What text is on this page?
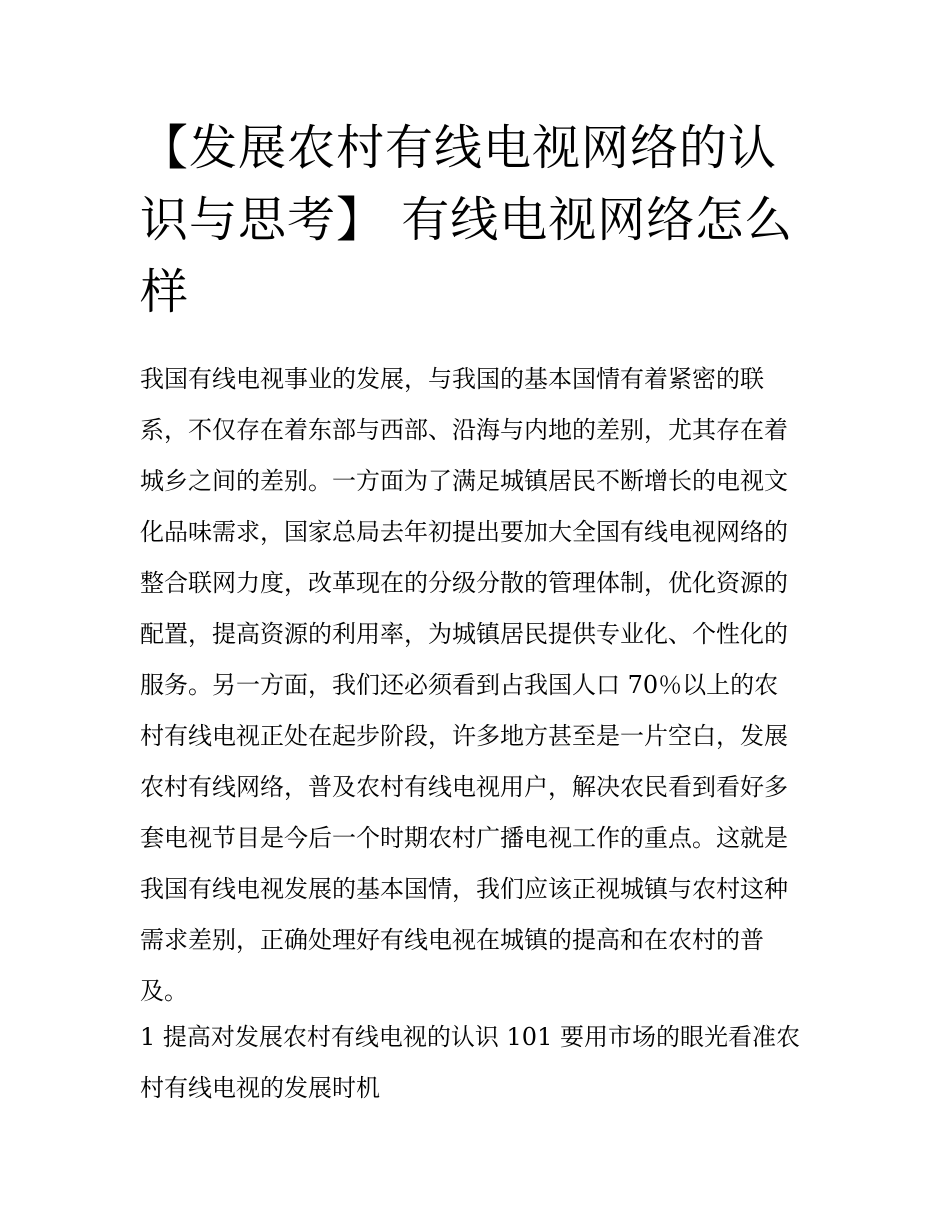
【发展农村有线电视网络的认
识与思考】 有线电视网络怎么
样

我国有线电视事业的发展，与我国的基本国情有着紧密的联
系，不仅存在着东部与西部、沿海与内地的差别，尤其存在着
城乡之间的差别。一方面为了满足城镇居民不断增长的电视文
化品味需求，国家总局去年初提出要加大全国有线电视网络的
整合联网力度，改革现在的分级分散的管理体制，优化资源的
配置，提高资源的利用率，为城镇居民提供专业化、个性化的
服务。另一方面，我们还必须看到占我国人口 70％以上的农
村有线电视正处在起步阶段，许多地方甚至是一片空白，发展
农村有线网络，普及农村有线电视用户，解决农民看到看好多
套电视节目是今后一个时期农村广播电视工作的重点。这就是
我国有线电视发展的基本国情，我们应该正视城镇与农村这种
需求差别，正确处理好有线电视在城镇的提高和在农村的普
及。

1 提高对发展农村有线电视的认识 101 要用市场的眼光看准农
村有线电视的发展时机
